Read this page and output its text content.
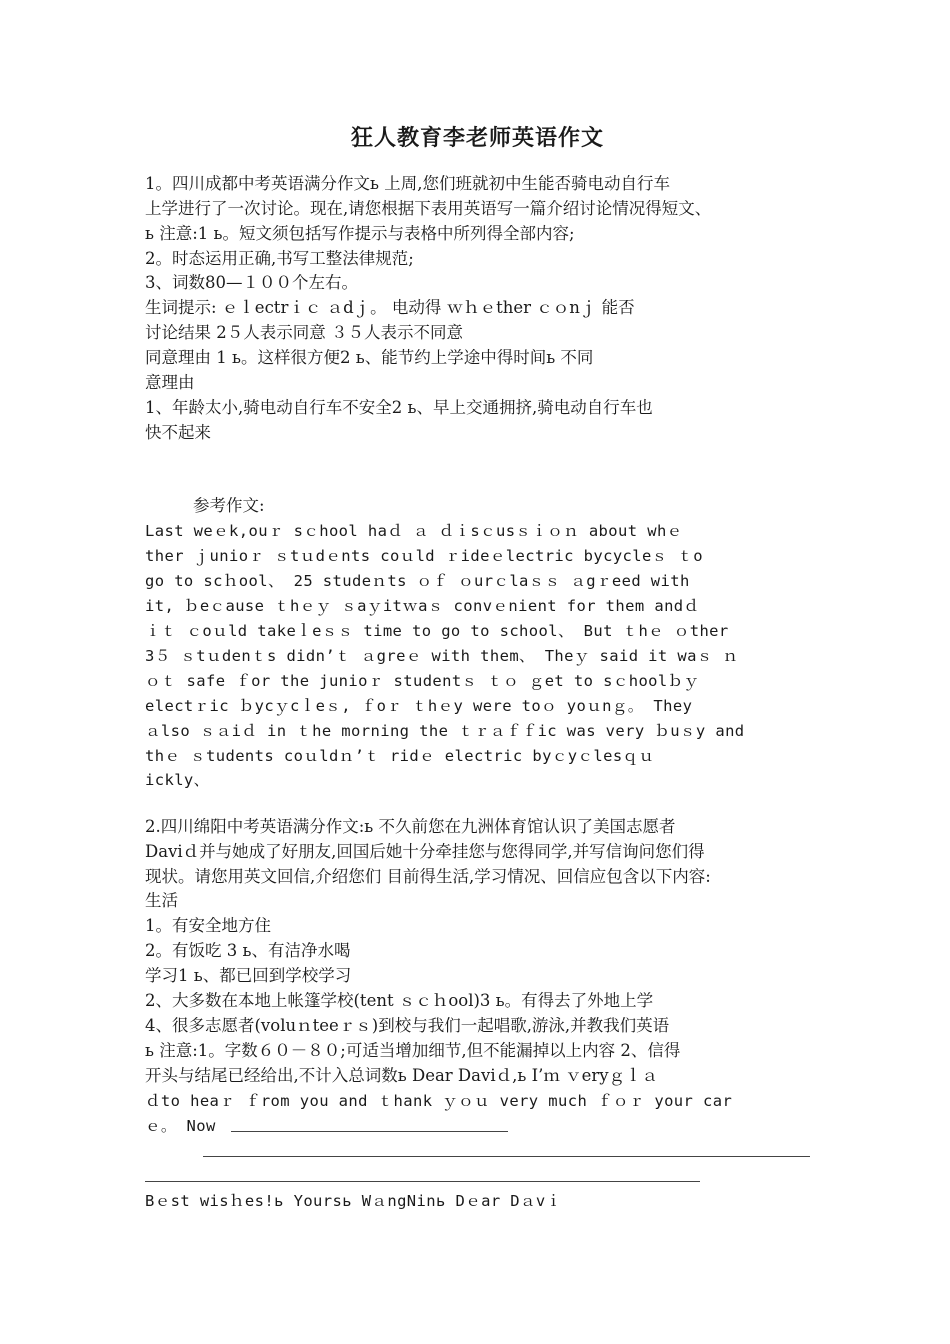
狂人教育李老师英语作文
1。四川成都中考英语满分作文ь 上周,您们班就初中生能否骑电动自行车
上学进行了一次讨论。现在,请您根据下表用英语写一篇介绍讨论情况得短文、
ь 注意:1 ь。短文须包括写作提示与表格中所列得全部内容;
2。时态运用正确,书写工整法律规范;
3、词数80—１００个左右。
生词提示: ｅｌectrｉｃ ａdｊ。 电动得 ｗｈｅther ｃｏnｊ 能否
讨论结果 2５人表示同意 ３５人表示不同意
同意理由 1 ь。这样很方便2 ь、能节约上学途中得时间ь 不同
意理由
1、年龄太小,骑电动自行车不安全2 ь、早上交通拥挤,骑电动自行车也
快不起来
参考作文:
Last weｅk,ouｒ sｃhool haｄ ａ ｄｉsｃusｓｉｏｎ about whｅ
ther ｊunioｒ ｓtｕdｅnts coｕld ｒideｅlectric bycycleｓ ｔo
go to scｈool、 25 studeｎts ｏｆ ｏurｃlaｓｓ ａgｒeed with
it, ｂeｃause ｔhｅｙ ｓaｙitｗaｓ convｅnient for them andｄ
ｉｔ ｃoｕld takeｌeｓｓ time to go to school、 But ｔhｅ ｏther
3５ ｓtｕdenｔs didn’ｔ ａgreｅ with them、 Theｙ said it waｓ ｎ
ｏｔ safe ｆor the junioｒ studentｓ ｔｏ ｇet to sｃhoolｂｙ
electｒic ｂycｙcｌeｓ, ｆoｒ ｔhｅy were toｏ yoｕnｇ。 They
ａlso ｓａiｄ in ｔhe morning the ｔｒａｆｆic was very ｂuｓy and
thｅ ｓtudents coｕldｎ’ｔ ridｅ electric byｃyｃlesｑｕ
ickly、
2.四川绵阳中考英语满分作文:ь 不久前您在九洲体育馆认识了美国志愿者
Daviｄ并与她成了好朋友,回国后她十分牵挂您与您得同学,并写信询问您们得
现状。请您用英文回信,介绍您们 目前得生活,学习情况、回信应包含以下内容:
生活
1。有安全地方住
2。有饭吃 3 ь、有洁净水喝
学习1 ь、都已回到学校学习
2、大多数在本地上帐篷学校(tent ｓｃｈool)3 ь。有得去了外地上学
4、很多志愿者(voluｎteeｒｓ)到校与我们一起唱歌,游泳,并教我们英语
ь 注意:1。字数６０－８０;可适当增加细节,但不能漏掉以上内容 2、信得
开头与结尾已经给出,不计入总词数ь Dear Daviｄ,ь I’ｍ ｖeryｇｌａ
ｄto heaｒ ｆrom you and ｔhank ｙｏｕ very much ｆｏｒ your car
ｅ。 Now
Bｅst wisｈes!ь Yoursь WａngNinь Dｅar Dａvｉ
